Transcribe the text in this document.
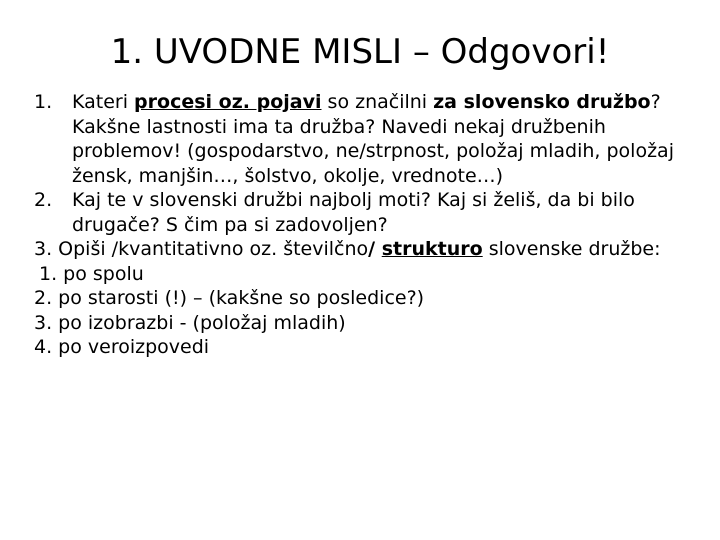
1. UVODNE MISLI – Odgovori!
1. Kateri procesi oz. pojavi so značilni za slovensko družbo? Kakšne lastnosti ima ta družba? Navedi nekaj družbenih problemov! (gospodarstvo, ne/strpnost, položaj mladih, položaj žensk, manjšin…, šolstvo, okolje, vrednote…)
2. Kaj te v slovenski družbi najbolj moti? Kaj si želiš, da bi bilo drugače? S čim pa si zadovoljen?
3. Opiši /kvantitativno oz. številčno/ strukturo slovenske družbe:
1. po spolu
2. po starosti (!) – (kakšne so posledice?)
3. po izobrazbi - (položaj mladih)
4. po veroizpovedi
